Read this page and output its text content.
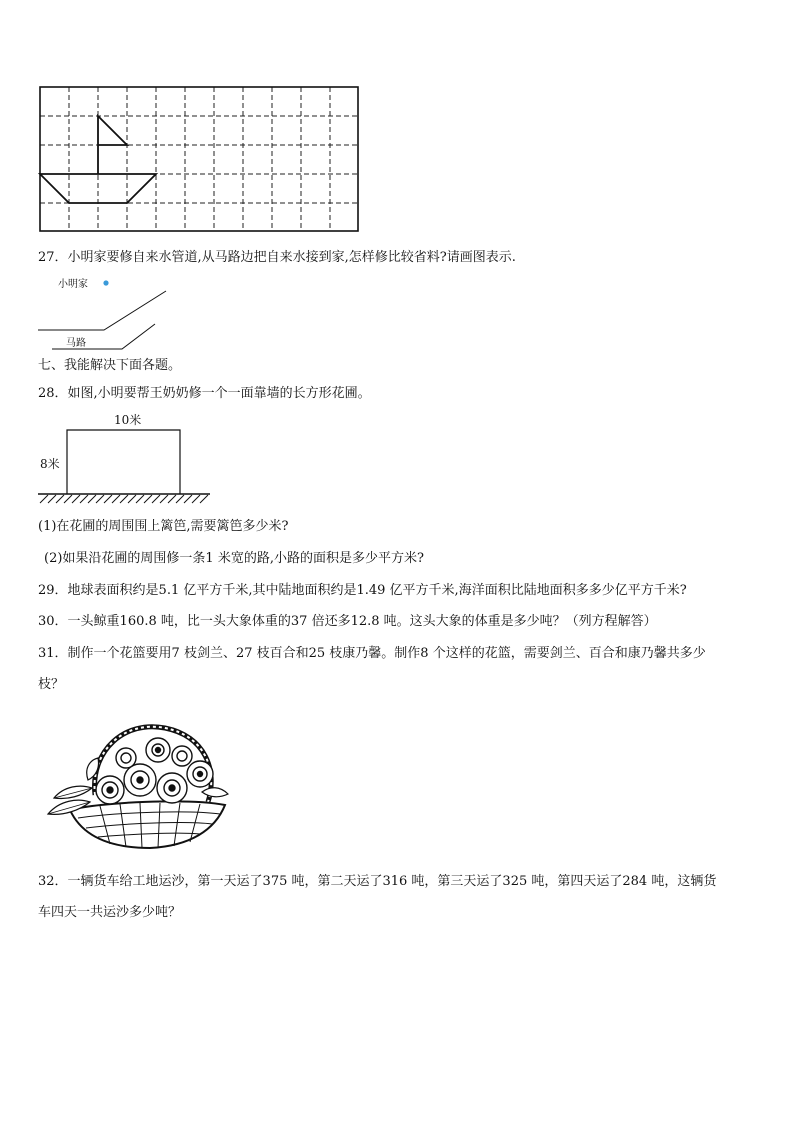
27．小明家要修自来水管道,从马路边把自来水接到家,怎样修比较省料?请画图表示.
小明家
马路
七、我能解决下面各题。
28．如图,小明要帮王奶奶修一个一面靠墙的长方形花圃。
10米
8米
(1)在花圃的周围围上篱笆,需要篱笆多少米?
(2)如果沿花圃的周围修一条1 米宽的路,小路的面积是多少平方米?
29．地球表面积约是5.1 亿平方千米,其中陆地面积约是1.49 亿平方千米,海洋面积比陆地面积多多少亿平方千米?
30．一头鲸重160.8 吨，比一头大象体重的37 倍还多12.8 吨。这头大象的体重是多少吨？（列方程解答）
31．制作一个花篮要用7 枝剑兰、27 枝百合和25 枝康乃馨。制作8 个这样的花篮，需要剑兰、百合和康乃馨共多少
枝？
32．一辆货车给工地运沙，第一天运了375 吨，第二天运了316 吨，第三天运了325 吨，第四天运了284 吨，这辆货
车四天一共运沙多少吨？
